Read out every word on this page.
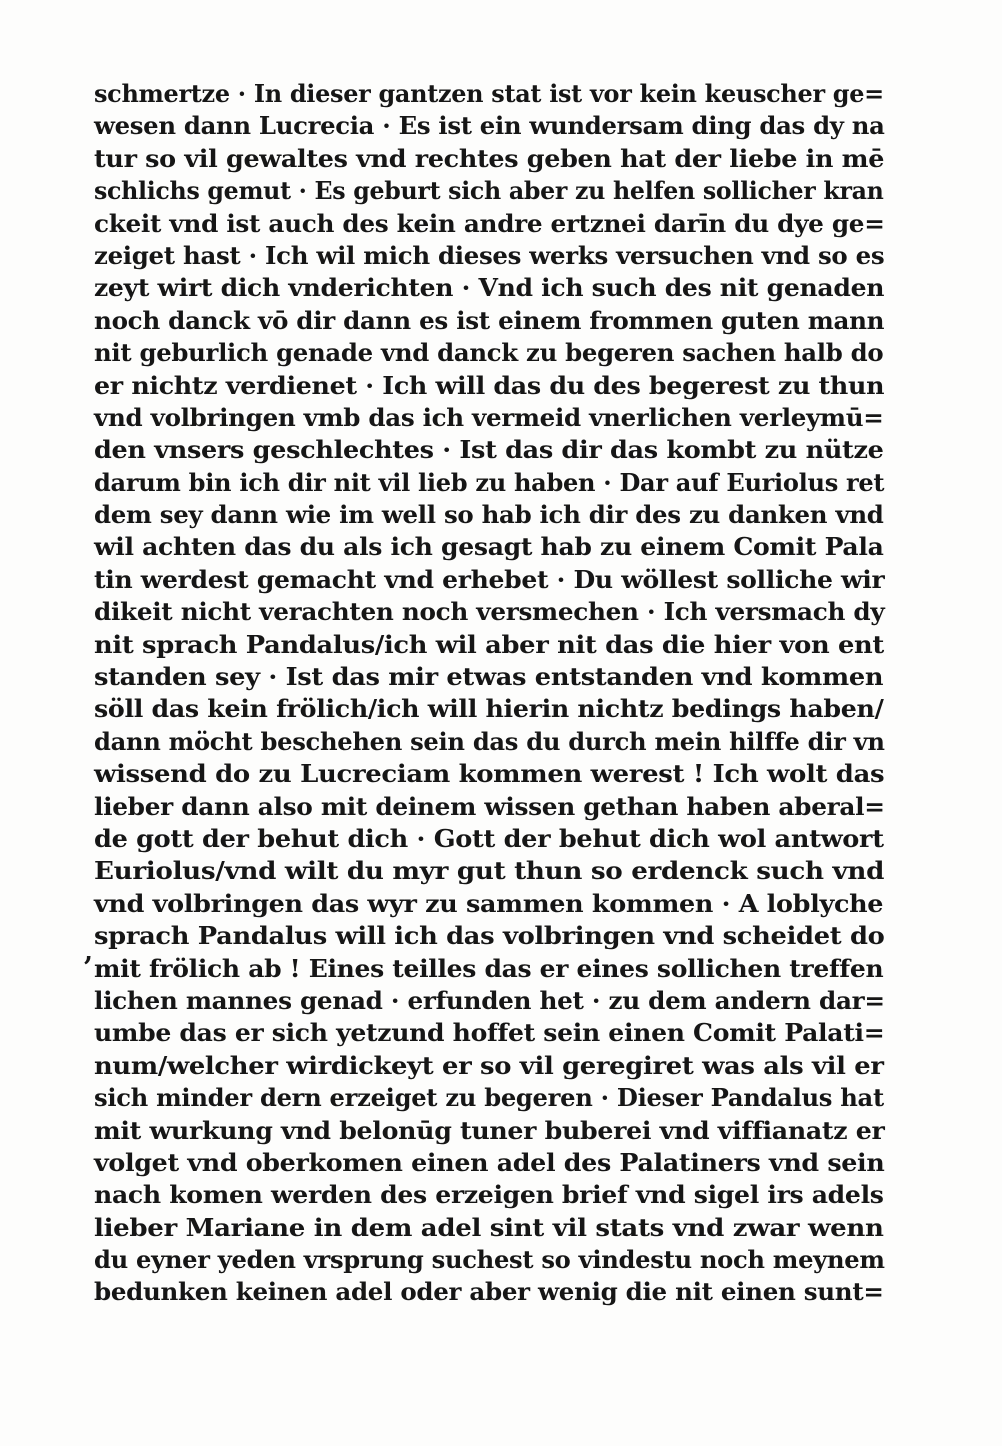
schmertze · In dieser gantzen stat ist vor kein keuscher ge=
wesen dann Lucrecia · Es ist ein wundersam ding das dy na
tur so vil gewaltes vnd rechtes geben hat der liebe in mē
schlichs gemut · Es geburt sich aber zu helfen sollicher kran
ckeit vnd ist auch des kein andre ertznei darīn du dye ge=
zeiget hast · Ich wil mich dieses werks versuchen vnd so es
zeyt wirt dich vnderichten · Vnd ich such des nit genaden
noch danck vō dir dann es ist einem frommen guten mann
nit geburlich genade vnd danck zu begeren sachen halb do
er nichtz verdienet · Ich will das du des begerest zu thun
vnd volbringen vmb das ich vermeid vnerlichen verleymū=
den vnsers geschlechtes · Ist das dir das kombt zu nütze
darum bin ich dir nit vil lieb zu haben · Dar auf Euriolus ret
dem sey dann wie im well so hab ich dir des zu danken vnd
wil achten das du als ich gesagt hab zu einem Comit Pala
tin werdest gemacht vnd erhebet · Du wöllest solliche wir
dikeit nicht verachten noch versmechen · Ich versmach dy
nit sprach Pandalus/ich wil aber nit das die hier von ent
standen sey · Ist das mir etwas entstanden vnd kommen
söll das kein frölich/ich will hierin nichtz bedings haben/
dann möcht beschehen sein das du durch mein hilffe dir vn
wissend do zu Lucreciam kommen werest ! Ich wolt das
lieber dann also mit deinem wissen gethan haben aberal=
de gott der behut dich · Gott der behut dich wol antwort
Euriolus/vnd wilt du myr gut thun so erdenck such vnd
vnd volbringen das wyr zu sammen kommen · A loblyche
sprach Pandalus will ich das volbringen vnd scheidet do
mit frölich ab ! Eines teilles das er eines sollichen treffen
lichen mannes genad · erfunden het · zu dem andern dar=
umbe das er sich yetzund hoffet sein einen Comit Palati=
num/welcher wirdickeyt er so vil geregiret was als vil er
sich minder dern erzeiget zu begeren · Dieser Pandalus hat
mit wurkung vnd belonūg tuner buberei vnd viffianatz er
volget vnd oberkomen einen adel des Palatiners vnd sein
nach komen werden des erzeigen brief vnd sigel irs adels
lieber Mariane in dem adel sint vil stats vnd zwar wenn
du eyner yeden vrsprung suchest so vindestu noch meynem
bedunken keinen adel oder aber wenig die nit einen sunt=
,
